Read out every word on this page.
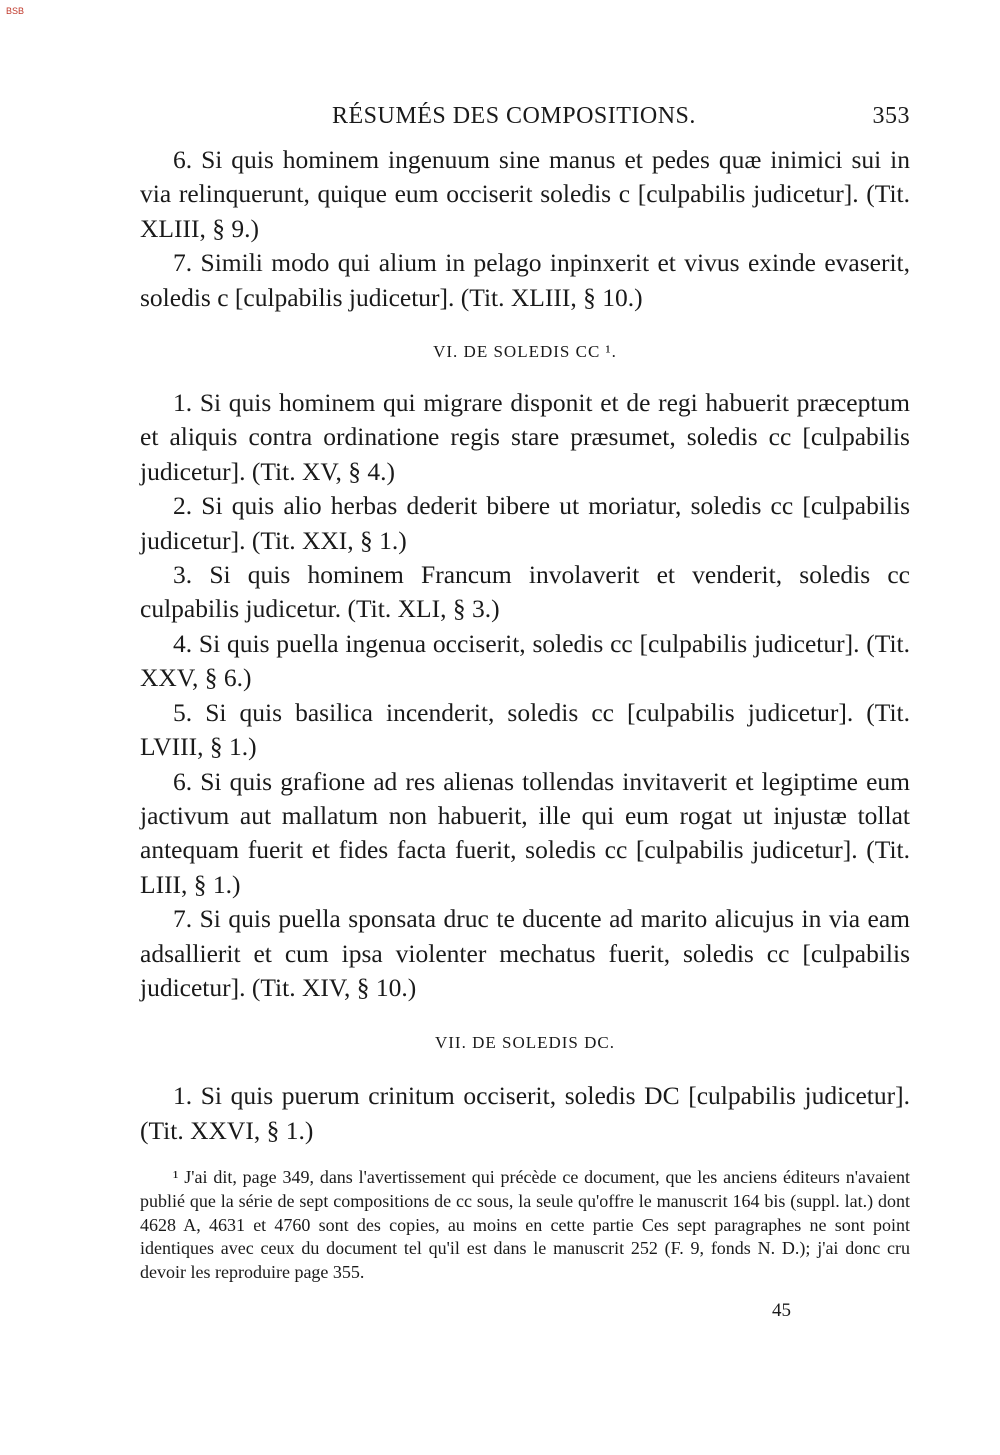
BSB
RÉSUMÉS DES COMPOSITIONS.	353

6. Si quis hominem ingenuum sine manus et pedes quæ inimici sui in via relinquerunt, quique eum occiserit soledis c [culpabilis judicetur]. (Tit. XLIII, § 9.)

7. Simili modo qui alium in pelago inpinxerit et vivus exinde evaserit, soledis c [culpabilis judicetur]. (Tit. XLIII, § 10.)

VI. DE SOLEDIS CC ¹.

1. Si quis hominem qui migrare disponit et de regi habuerit præceptum et aliquis contra ordinatione regis stare præsumet, soledis cc [culpabilis judicetur]. (Tit. XV, § 4.)

2. Si quis alio herbas dederit bibere ut moriatur, soledis cc [culpabilis judicetur]. (Tit. XXI, § 1.)

3. Si quis hominem Francum involaverit et venderit, soledis cc culpabilis judicetur. (Tit. XLI, § 3.)

4. Si quis puella ingenua occiserit, soledis cc [culpabilis judicetur]. (Tit. XXV, § 6.)

5. Si quis basilica incenderit, soledis cc [culpabilis judicetur]. (Tit. LVIII, § 1.)

6. Si quis grafione ad res alienas tollendas invitaverit et legiptime eum jactivum aut mallatum non habuerit, ille qui eum rogat ut injustæ tollat antequam fuerit et fides facta fuerit, soledis cc [culpabilis judicetur]. (Tit. LIII, § 1.)

7. Si quis puella sponsata druc te ducente ad marito alicujus in via eam adsallierit et cum ipsa violenter mechatus fuerit, soledis cc [culpabilis judicetur]. (Tit. XIV, § 10.)

VII. DE SOLEDIS DC.

1. Si quis puerum crinitum occiserit, soledis DC [culpabilis judicetur]. (Tit. XXVI, § 1.)

¹ J'ai dit, page 349, dans l'avertissement qui précède ce document, que les anciens éditeurs n'avaient publié que la série de sept compositions de cc sous, la seule qu'offre le manuscrit 164 bis (suppl. lat.) dont 4628 A, 4631 et 4760 sont des copies, au moins en cette partie Ces sept paragraphes ne sont point identiques avec ceux du document tel qu'il est dans le manuscrit 252 (F. 9, fonds N. D.); j'ai donc cru devoir les reproduire page 355.

45
